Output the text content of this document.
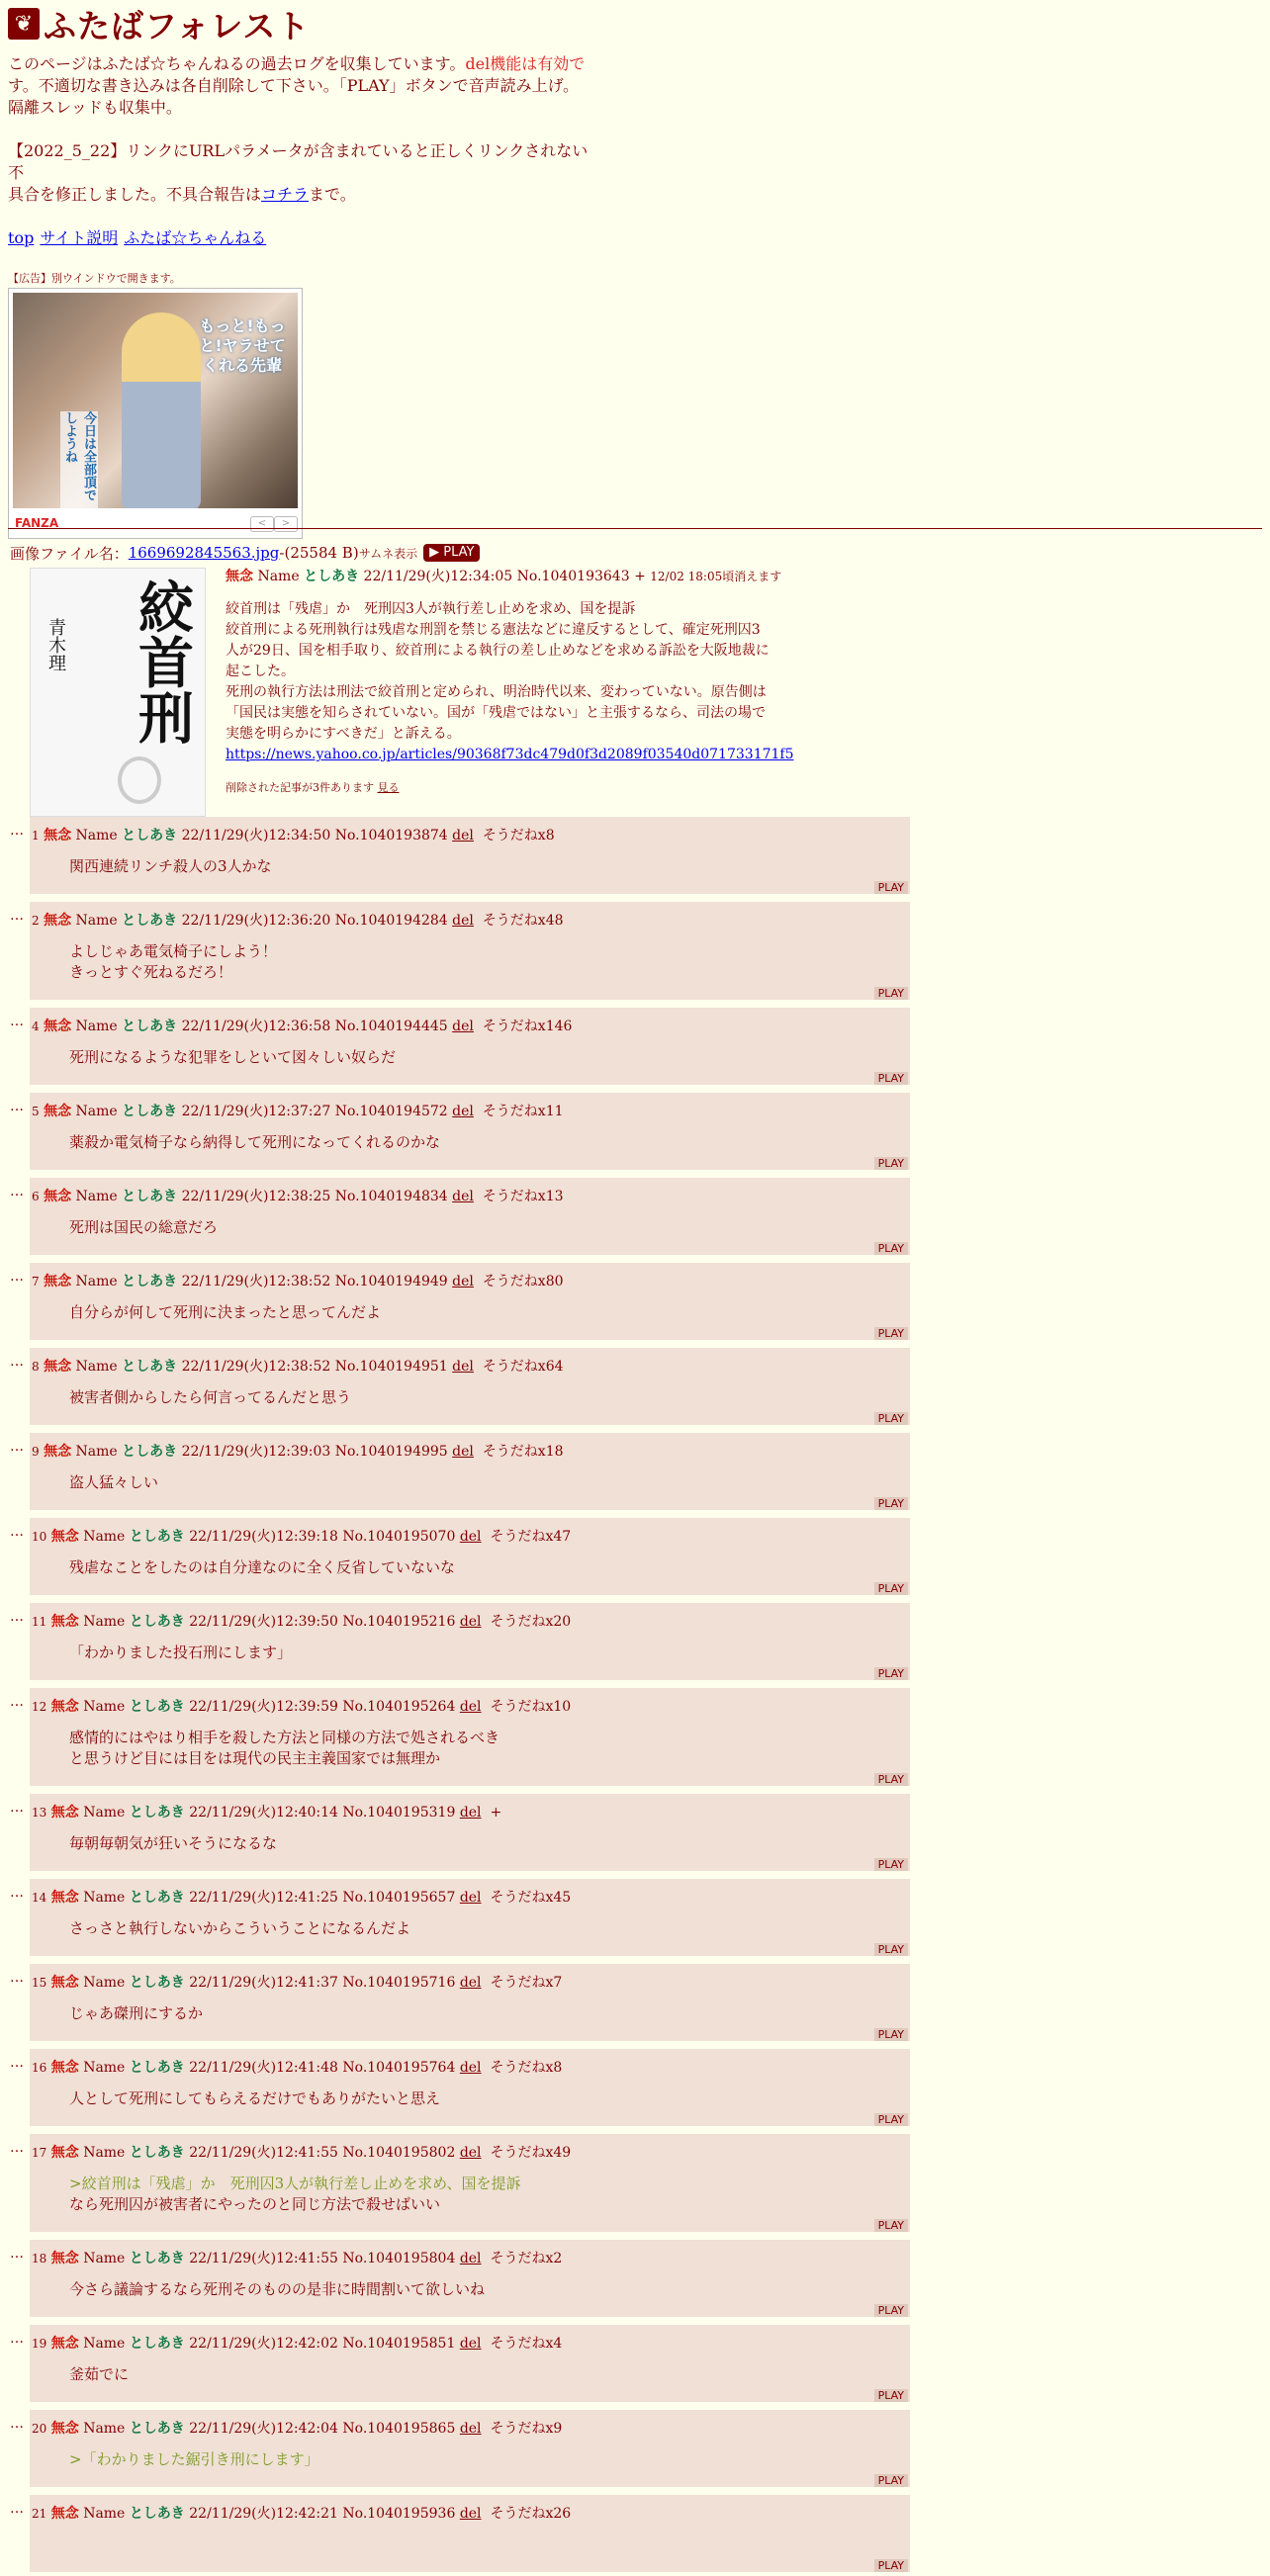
❦ ふたばフォレスト
このページはふたば☆ちゃんねるの過去ログを収集しています。del機能は有効です。不適切な書き込みは各自削除して下さい。「PLAY」ボタンで音声読み上げ。
隔離スレッドも収集中。
【2022_5_22】リンクにURLパラメータが含まれていると正しくリンクされない不
具合を修正しました。不具合報告はコチラまで。
top サイト説明 ふたば☆ちゃんねる
【広告】別ウインドウで開きます。
もっと!もっと!ヤラせてくれる先輩
今日は全部頂でしようね
FANZA	<	>
画像ファイル名： 1669692845563.jpg -(25584 B) サムネ表示 ▶ PLAY
絞首刑
青木理
無念 Name としあき 22/11/29(火)12:34:05 No.1040193643 + 12/02 18:05頃消えます
絞首刑は「残虐」か　死刑囚3人が執行差し止めを求め、国を提訴
絞首刑による死刑執行は残虐な刑罰を禁じる憲法などに違反するとして、確定死刑囚3
人が29日、国を相手取り、絞首刑による執行の差し止めなどを求める訴訟を大阪地裁に
起こした。
死刑の執行方法は刑法で絞首刑と定められ、明治時代以来、変わっていない。原告側は
「国民は実態を知らされていない。国が「残虐ではない」と主張するなら、司法の場で
実態を明らかにすべきだ」と訴える。
https://news.yahoo.co.jp/articles/90368f73dc479d0f3d2089f03540d071733171f5
削除された記事が3件あります 見る
… 1 無念 Name としあき 22/11/29(火)12:34:50 No.1040193874 del そうだねx8
関西連続リンチ殺人の3人かな
PLAY
… 2 無念 Name としあき 22/11/29(火)12:36:20 No.1040194284 del そうだねx48
よしじゃあ電気椅子にしよう！
きっとすぐ死ねるだろ！
PLAY
… 4 無念 Name としあき 22/11/29(火)12:36:58 No.1040194445 del そうだねx146
死刑になるような犯罪をしといて図々しい奴らだ
PLAY
… 5 無念 Name としあき 22/11/29(火)12:37:27 No.1040194572 del そうだねx11
薬殺か電気椅子なら納得して死刑になってくれるのかな
PLAY
… 6 無念 Name としあき 22/11/29(火)12:38:25 No.1040194834 del そうだねx13
死刑は国民の総意だろ
PLAY
… 7 無念 Name としあき 22/11/29(火)12:38:52 No.1040194949 del そうだねx80
自分らが何して死刑に決まったと思ってんだよ
PLAY
… 8 無念 Name としあき 22/11/29(火)12:38:52 No.1040194951 del そうだねx64
被害者側からしたら何言ってるんだと思う
PLAY
… 9 無念 Name としあき 22/11/29(火)12:39:03 No.1040194995 del そうだねx18
盗人猛々しい
PLAY
… 10 無念 Name としあき 22/11/29(火)12:39:18 No.1040195070 del そうだねx47
残虐なことをしたのは自分達なのに全く反省していないな
PLAY
… 11 無念 Name としあき 22/11/29(火)12:39:50 No.1040195216 del そうだねx20
「わかりました投石刑にします」
PLAY
… 12 無念 Name としあき 22/11/29(火)12:39:59 No.1040195264 del そうだねx10
感情的にはやはり相手を殺した方法と同様の方法で処されるべき
と思うけど目には目をは現代の民主主義国家では無理か
PLAY
… 13 無念 Name としあき 22/11/29(火)12:40:14 No.1040195319 del +
毎朝毎朝気が狂いそうになるな
PLAY
… 14 無念 Name としあき 22/11/29(火)12:41:25 No.1040195657 del そうだねx45
さっさと執行しないからこういうことになるんだよ
PLAY
… 15 無念 Name としあき 22/11/29(火)12:41:37 No.1040195716 del そうだねx7
じゃあ磔刑にするか
PLAY
… 16 無念 Name としあき 22/11/29(火)12:41:48 No.1040195764 del そうだねx8
人として死刑にしてもらえるだけでもありがたいと思え
PLAY
… 17 無念 Name としあき 22/11/29(火)12:41:55 No.1040195802 del そうだねx49
>絞首刑は「残虐」か　死刑囚3人が執行差し止めを求め、国を提訴
なら死刑囚が被害者にやったのと同じ方法で殺せばいい
PLAY
… 18 無念 Name としあき 22/11/29(火)12:41:55 No.1040195804 del そうだねx2
今さら議論するなら死刑そのものの是非に時間割いて欲しいね
PLAY
… 19 無念 Name としあき 22/11/29(火)12:42:02 No.1040195851 del そうだねx4
釜茹でに
PLAY
… 20 無念 Name としあき 22/11/29(火)12:42:04 No.1040195865 del そうだねx9
>「わかりました鋸引き刑にします」
PLAY
… 21 無念 Name としあき 22/11/29(火)12:42:21 No.1040195936 del そうだねx26
PLAY
